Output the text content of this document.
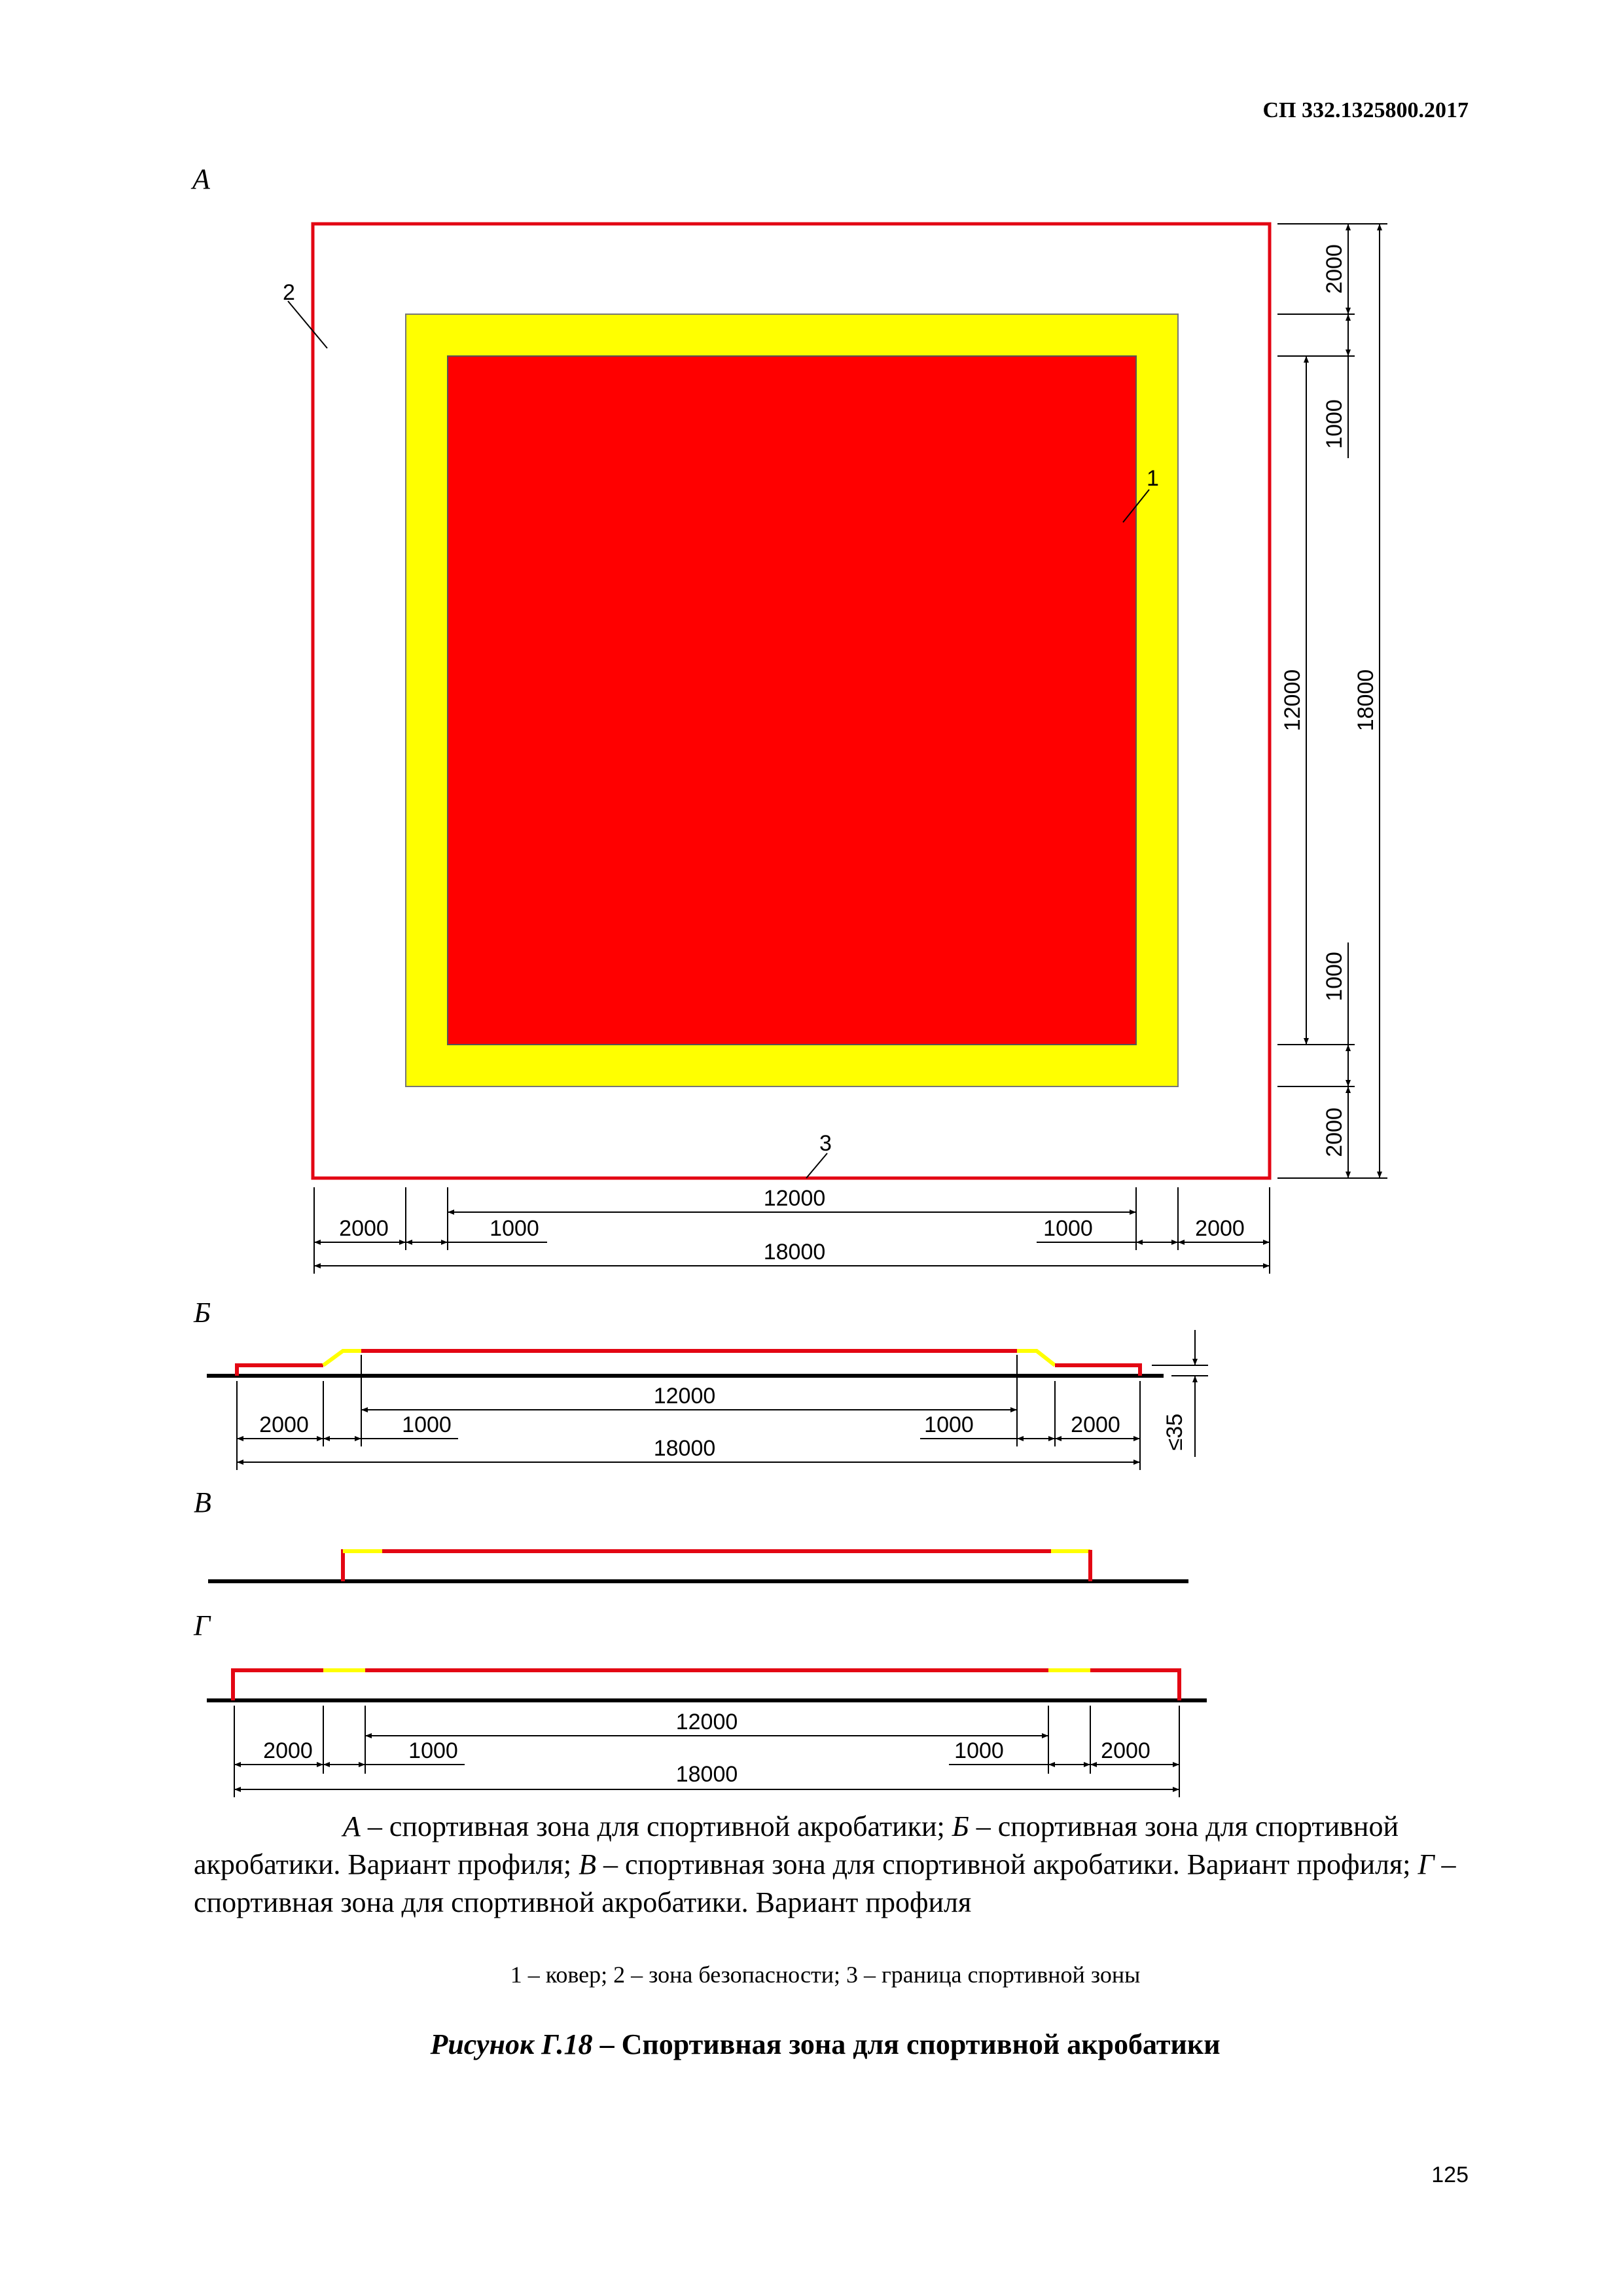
СП 332.1325800.2017
А
Б
В
Г
2
1
3
12000
2000	1000	1000	2000
18000
2000
1000
12000 18000
1000
2000
12000
2000	1000	1000	2000
18000	≤35
12000
2000	1000	1000	2000
18000
А – спортивная зона для спортивной акробатики; Б – спортивная зона для спортивной акробатики. Вариант профиля; В – спортивная зона для спортивной акробатики. Вариант профиля; Г – спортивная зона для спортивной акробатики. Вариант профиля
1 – ковер; 2 – зона безопасности; 3 – граница спортивной зоны
Рисунок Г.18 – Спортивная зона для спортивной акробатики
125
